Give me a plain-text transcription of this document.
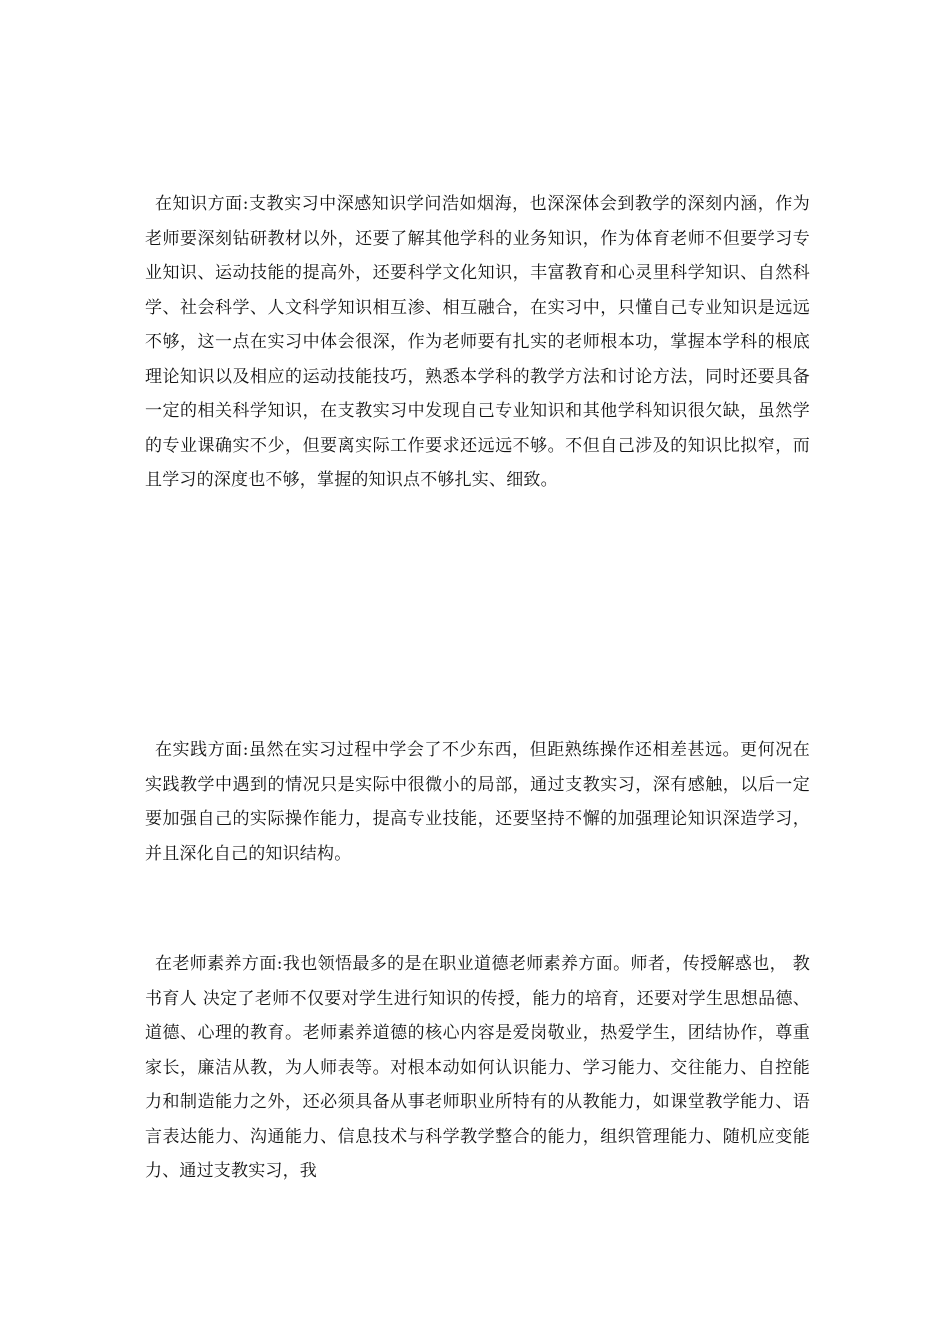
在知识方面:支教实习中深感知识学问浩如烟海，也深深体会到教学的深刻内涵，作为老师要深刻钻研教材以外，还要了解其他学科的业务知识，作为体育老师不但要学习专业知识、运动技能的提高外，还要科学文化知识，丰富教育和心灵里科学知识、自然科学、社会科学、人文科学知识相互渗、相互融合，在实习中，只懂自己专业知识是远远不够，这一点在实习中体会很深，作为老师要有扎实的老师根本功，掌握本学科的根底理论知识以及相应的运动技能技巧，熟悉本学科的教学方法和讨论方法，同时还要具备一定的相关科学知识，在支教实习中发现自己专业知识和其他学科知识很欠缺，虽然学的专业课确实不少，但要离实际工作要求还远远不够。不但自己涉及的知识比拟窄，而且学习的深度也不够，掌握的知识点不够扎实、细致。

在实践方面:虽然在实习过程中学会了不少东西，但距熟练操作还相差甚远。更何况在实践教学中遇到的情况只是实际中很微小的局部，通过支教实习，深有感触，以后一定要加强自己的实际操作能力，提高专业技能，还要坚持不懈的加强理论知识深造学习，并且深化自己的知识结构。

在老师素养方面:我也领悟最多的是在职业道德老师素养方面。师者，传授解惑也， 教书育人 决定了老师不仅要对学生进行知识的传授，能力的培育，还要对学生思想品德、道德、心理的教育。老师素养道德的核心内容是爱岗敬业，热爱学生，团结协作，尊重家长，廉洁从教，为人师表等。对根本动如何认识能力、学习能力、交往能力、自控能力和制造能力之外，还必须具备从事老师职业所特有的从教能力，如课堂教学能力、语言表达能力、沟通能力、信息技术与科学教学整合的能力，组织管理能力、随机应变能力、通过支教实习，我
